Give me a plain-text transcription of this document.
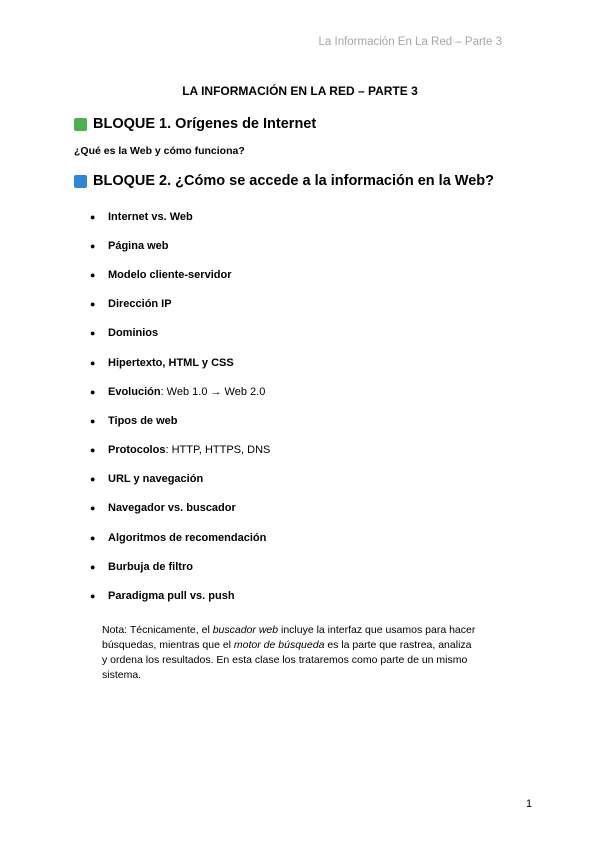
La Información En La Red – Parte 3
LA INFORMACIÓN EN LA RED – PARTE 3
BLOQUE 1. Orígenes de Internet
¿Qué es la Web y cómo funciona?
BLOQUE 2. ¿Cómo se accede a la información en la Web?
●	Internet vs. Web
●	Página web
●	Modelo cliente-servidor
●	Dirección IP
●	Dominios
●	Hipertexto, HTML y CSS
●	Evolución : Web 1.0 → Web 2.0
●	Tipos de web
●	Protocolos : HTTP, HTTPS, DNS
●	URL y navegación
●	Navegador vs. buscador
●	Algoritmos de recomendación
●	Burbuja de filtro
●	Paradigma pull vs. push
Nota: Técnicamente, el buscador web incluye la interfaz que usamos para hacer
búsquedas, mientras que el motor de búsqueda es la parte que rastrea, analiza
y ordena los resultados. En esta clase los trataremos como parte de un mismo
sistema.
1
